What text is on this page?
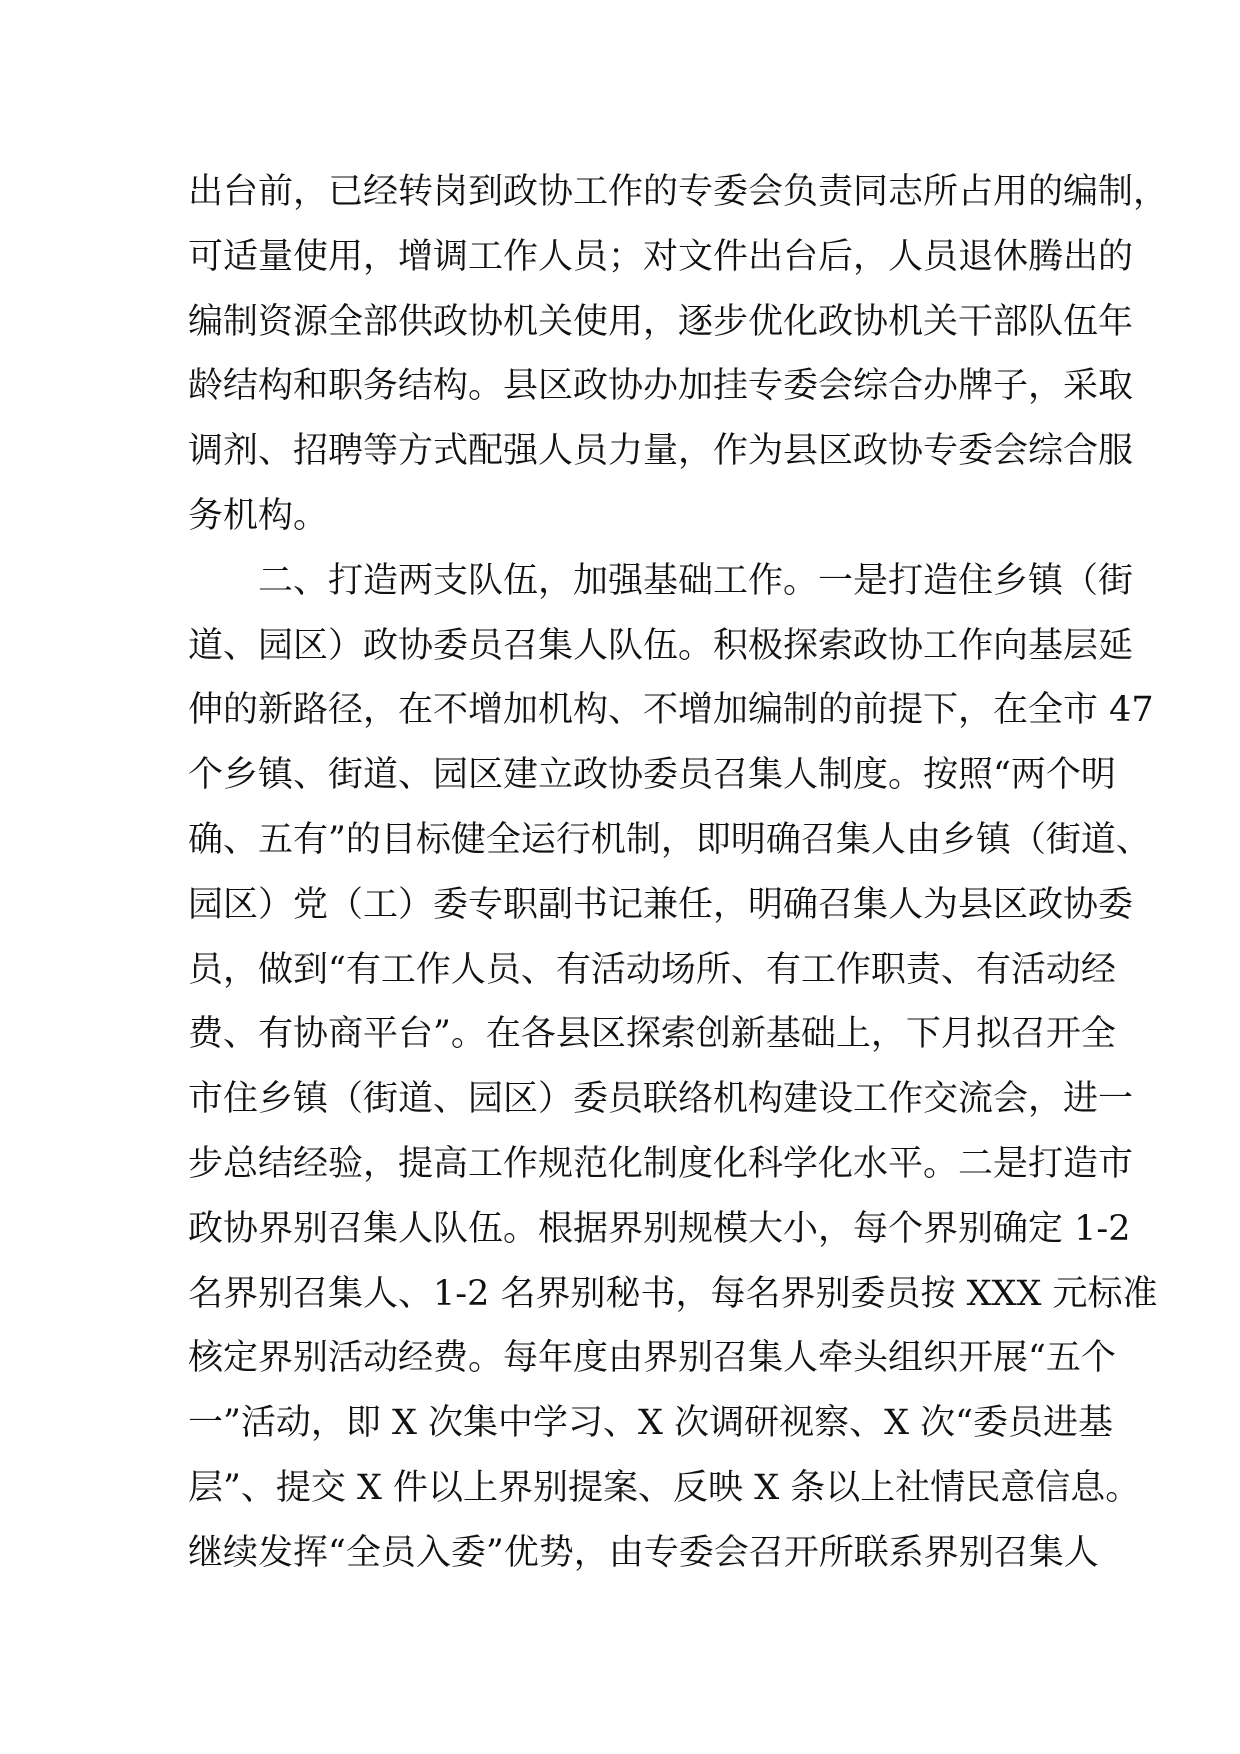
出台前，已经转岗到政协工作的专委会负责同志所占用的编制，
可适量使用，增调工作人员；对文件出台后，人员退休腾出的
编制资源全部供政协机关使用，逐步优化政协机关干部队伍年
龄结构和职务结构。县区政协办加挂专委会综合办牌子，采取
调剂、招聘等方式配强人员力量，作为县区政协专委会综合服
务机构。
二、打造两支队伍，加强基础工作。一是打造住乡镇（街
道、园区）政协委员召集人队伍。积极探索政协工作向基层延
伸的新路径，在不增加机构、不增加编制的前提下，在全市 47
个乡镇、街道、园区建立政协委员召集人制度。按照“两个明
确、五有”的目标健全运行机制，即明确召集人由乡镇（街道、
园区）党（工）委专职副书记兼任，明确召集人为县区政协委
员，做到“有工作人员、有活动场所、有工作职责、有活动经
费、有协商平台”。在各县区探索创新基础上，下月拟召开全
市住乡镇（街道、园区）委员联络机构建设工作交流会，进一
步总结经验，提高工作规范化制度化科学化水平。二是打造市
政协界别召集人队伍。根据界别规模大小，每个界别确定 1-2
名界别召集人、1-2 名界别秘书，每名界别委员按 XXX 元标准
核定界别活动经费。每年度由界别召集人牵头组织开展“五个
一”活动，即 X 次集中学习、X 次调研视察、X 次“委员进基
层”、提交 X 件以上界别提案、反映 X 条以上社情民意信息。
继续发挥“全员入委”优势，由专委会召开所联系界别召集人
